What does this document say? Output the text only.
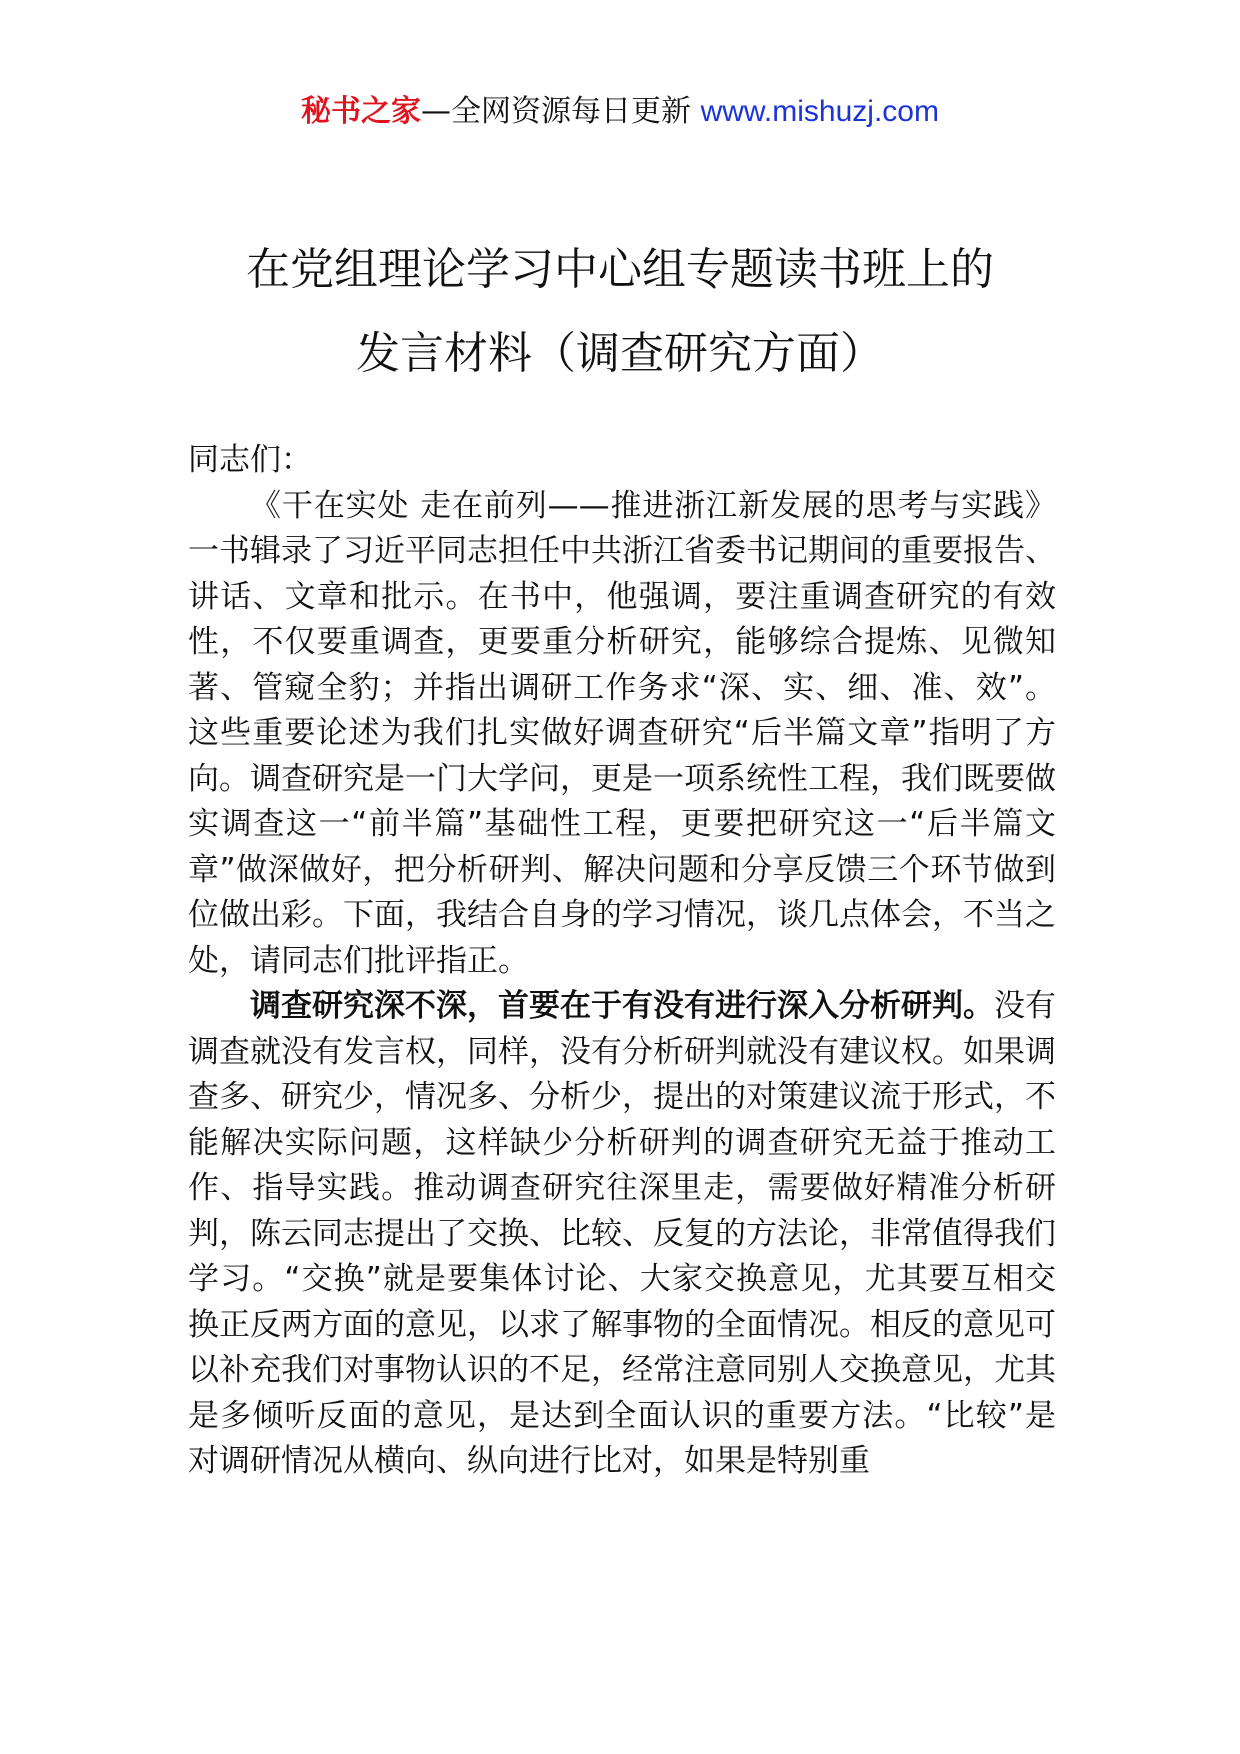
秘书之家—全网资源每日更新 www.mishuzj.com
在党组理论学习中心组专题读书班上的
发言材料（调查研究方面）

同志们：

《干在实处 走在前列——推进浙江新发展的思考与实践》一书辑录了习近平同志担任中共浙江省委书记期间的重要报告、讲话、文章和批示。在书中，他强调，要注重调查研究的有效性，不仅要重调查，更要重分析研究，能够综合提炼、见微知著、管窥全豹；并指出调研工作务求“深、实、细、准、效”。这些重要论述为我们扎实做好调查研究“后半篇文章”指明了方向。调查研究是一门大学问，更是一项系统性工程，我们既要做实调查这一“前半篇”基础性工程，更要把研究这一“后半篇文章”做深做好，把分析研判、解决问题和分享反馈三个环节做到位做出彩。下面，我结合自身的学习情况，谈几点体会，不当之处，请同志们批评指正。

调查研究深不深，首要在于有没有进行深入分析研判。没有调查就没有发言权，同样，没有分析研判就没有建议权。如果调查多、研究少，情况多、分析少，提出的对策建议流于形式，不能解决实际问题，这样缺少分析研判的调查研究无益于推动工作、指导实践。推动调查研究往深里走，需要做好精准分析研判，陈云同志提出了交换、比较、反复的方法论，非常值得我们学习。“交换”就是要集体讨论、大家交换意见，尤其要互相交换正反两方面的意见，以求了解事物的全面情况。相反的意见可以补充我们对事物认识的不足，经常注意同别人交换意见，尤其是多倾听反面的意见，是达到全面认识的重要方法。“比较”是对调研情况从横向、纵向进行比对，如果是特别重
